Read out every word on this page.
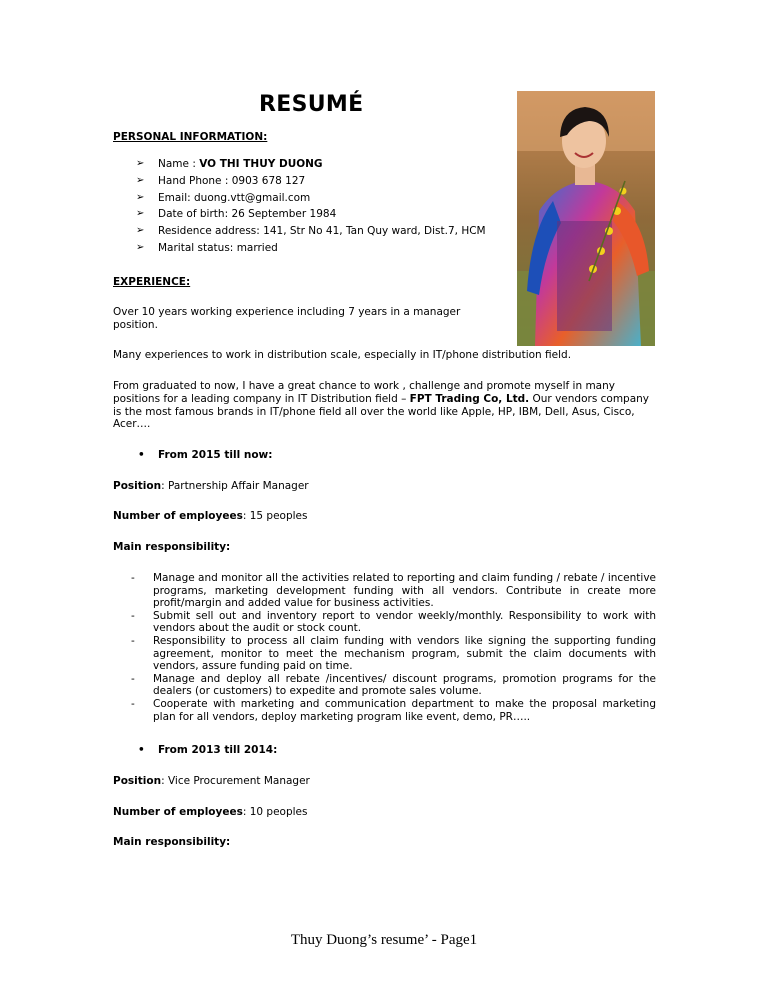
RESUMÉ
PERSONAL INFORMATION:
➢ Name : VO THI THUY DUONG
➢ Hand Phone : 0903 678 127
➢ Email: duong.vtt@gmail.com
➢ Date of birth: 26 September 1984
➢ Residence address: 141, Str No 41, Tan Quy ward, Dist.7, HCM
➢ Marital status: married
EXPERIENCE:
Over 10 years working experience including 7 years in a manager position.
Many experiences to work in distribution scale, especially in IT/phone distribution field.
From graduated to now, I have a great chance to work , challenge and promote myself in many positions for a leading company in IT Distribution field – FPT Trading Co, Ltd. Our vendors company is the most famous brands in IT/phone field all over the world like Apple, HP, IBM, Dell, Asus, Cisco, Acer….
• From 2015 till now:
Position: Partnership Affair Manager
Number of employees: 15 peoples
Main responsibility:
- Manage and monitor all the activities related to reporting and claim funding / rebate / incentive programs, marketing development funding with all vendors. Contribute in create more profit/margin and added value for business activities.
- Submit sell out and inventory report to vendor weekly/monthly. Responsibility to work with vendors about the audit or stock count.
- Responsibility to process all claim funding with vendors like signing the supporting funding agreement, monitor to meet the mechanism program, submit the claim documents with vendors, assure funding paid on time.
- Manage and deploy all rebate /incentives/ discount programs, promotion programs for the dealers (or customers) to expedite and promote sales volume.
- Cooperate with marketing and communication department to make the proposal marketing plan for all vendors, deploy marketing program like event, demo, PR…..
• From 2013 till 2014:
Position: Vice Procurement Manager
Number of employees: 10 peoples
Main responsibility:
Thuy Duong’s resume’ - Page1
